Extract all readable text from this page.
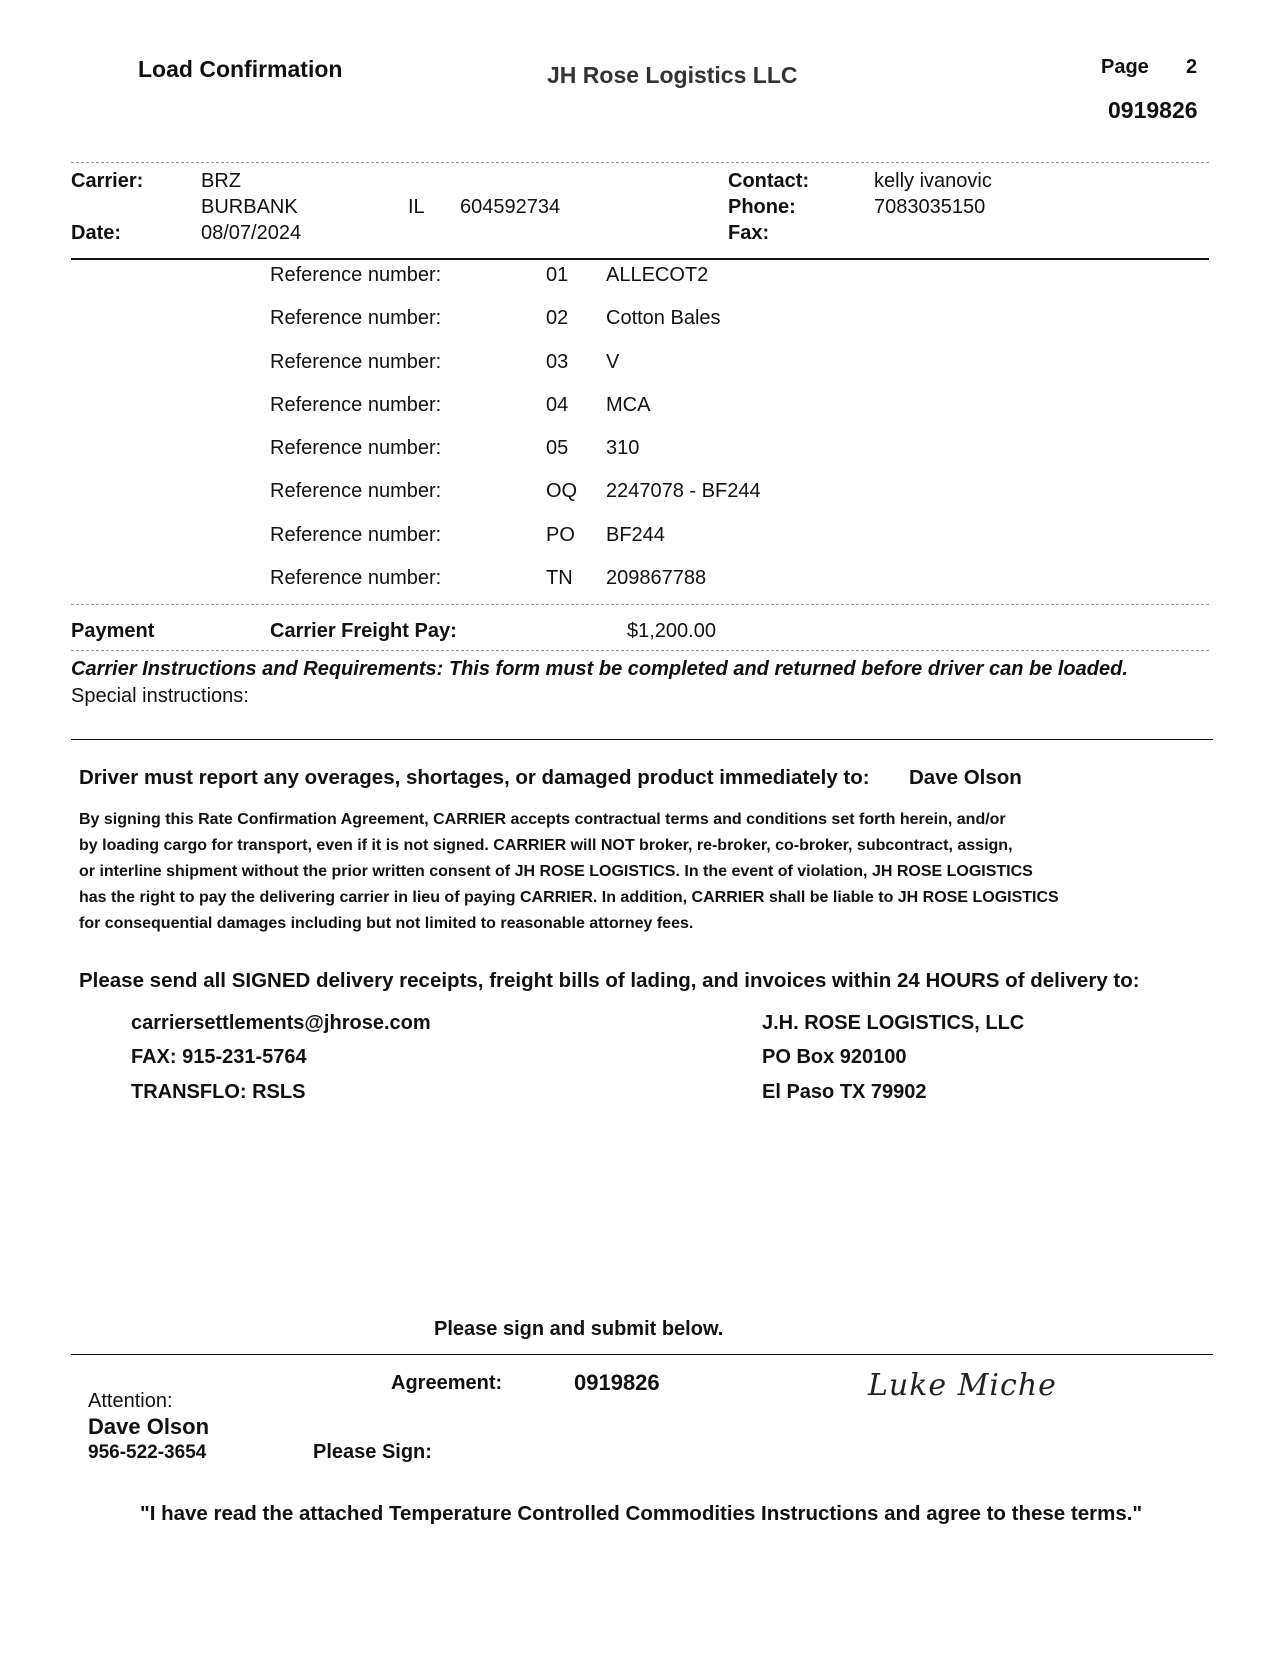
Load Confirmation	JH Rose Logistics LLC	Page 2
0919826
Carrier:	BRZ
BURBANK	IL 604592734
Date:	08/07/2024
Contact:	kelly ivanovic
Phone:	7083035150
Fax:
Reference number:	01 ALLECOT2
Reference number:	02 Cotton Bales
Reference number:	03 V
Reference number:	04 MCA
Reference number:	05 310
Reference number:	OQ 2247078 - BF244
Reference number:	PO BF244
Reference number:	TN 209867788
Payment	Carrier Freight Pay:	$1,200.00
Carrier Instructions and Requirements: This form must be completed and returned before driver can be loaded.
Special instructions:
Driver must report any overages, shortages, or damaged product immediately to: Dave Olson
By signing this Rate Confirmation Agreement, CARRIER accepts contractual terms and conditions set forth herein, and/or
by loading cargo for transport, even if it is not signed. CARRIER will NOT broker, re-broker, co-broker, subcontract, assign,
or interline shipment without the prior written consent of JH ROSE LOGISTICS. In the event of violation, JH ROSE LOGISTICS
has the right to pay the delivering carrier in lieu of paying CARRIER. In addition, CARRIER shall be liable to JH ROSE LOGISTICS
for consequential damages including but not limited to reasonable attorney fees.
Please send all SIGNED delivery receipts, freight bills of lading, and invoices within 24 HOURS of delivery to:
carriersettlements@jhrose.com
FAX: 915-231-5764
TRANSFLO: RSLS
J.H. ROSE LOGISTICS, LLC
PO Box 920100
El Paso TX 79902
Please sign and submit below.
Attention:
Dave Olson
956-522-3654
Agreement:	0919826
Please Sign:
Luke Miche
"I have read the attached Temperature Controlled Commodities Instructions and agree to these terms."
